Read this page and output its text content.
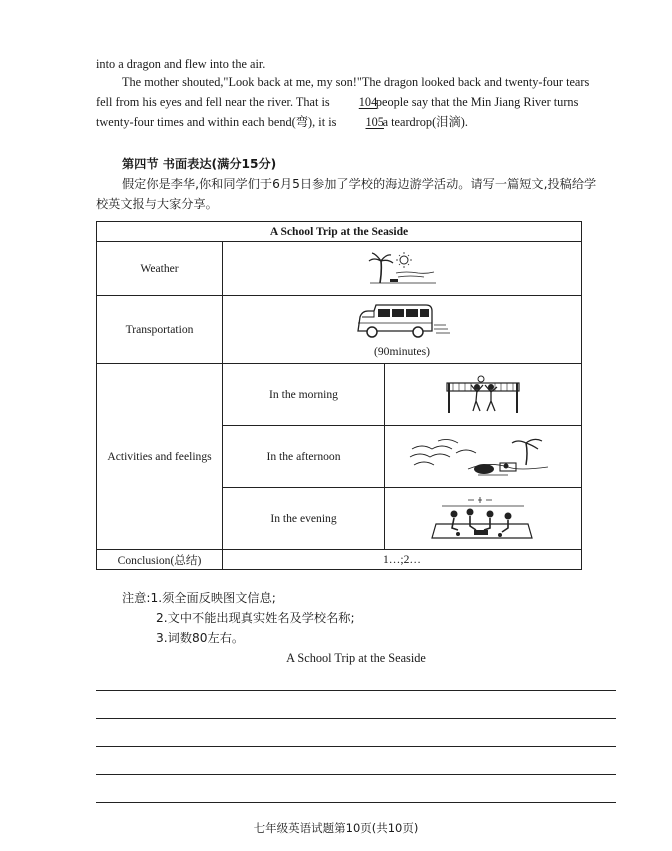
into a dragon and flew into the air.
The mother shouted,"Look back at me, my son!"The dragon looked back and twenty-four tears fell from his eyes and fell near the river. That is 104 people say that the Min Jiang River turns twenty-four times and within each bend(弯), it is 105 a teardrop(泪滴).
第四节 书面表达(满分15分)
假定你是李华,你和同学们于6月5日参加了学校的海边游学活动。请写一篇短文,投稿给学校英文报与大家分享。
A School Trip at the Seaside		
Weather	

Transportation	(90minutes)	

Activities and feelings	In the morning	

	In the afternoon	

	In the evening	

Conclusion(总结)	1…;2…	
注意:1.须全面反映图文信息;
2.文中不能出现真实姓名及学校名称;
3.词数80左右。
A School Trip at the Seaside
七年级英语试题第10页(共10页)
